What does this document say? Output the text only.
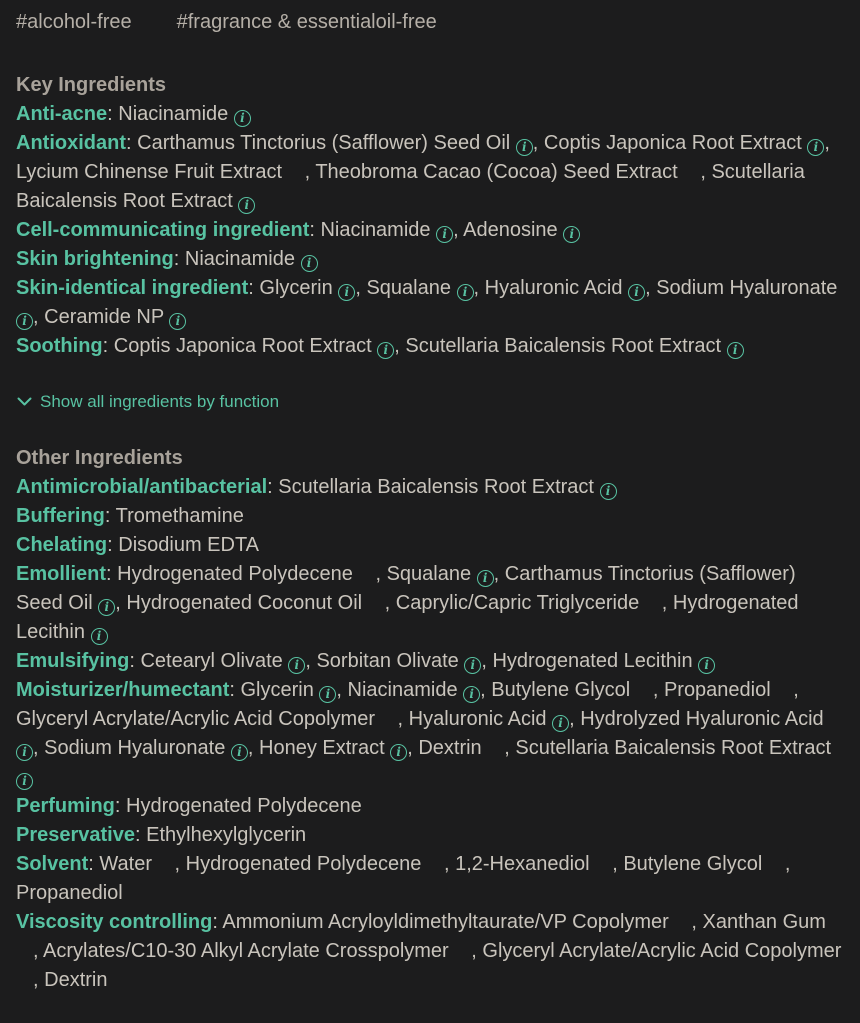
#alcohol-free #fragrance & essentialoil-free
Key Ingredients

Anti-acne: Niacinamide i

Antioxidant: Carthamus Tinctorius (Safflower) Seed Oil i , Coptis Japonica Root Extract i , Lycium Chinense Fruit Extract , Theobroma Cacao (Cocoa) Seed Extract , Scutellaria Baicalensis Root Extract i

Cell-communicating ingredient: Niacinamide i , Adenosine i

Skin brightening: Niacinamide i

Skin-identical ingredient: Glycerin i , Squalane i , Hyaluronic Acid i , Sodium Hyaluronate i , Ceramide NP i

Soothing: Coptis Japonica Root Extract i , Scutellaria Baicalensis Root Extract i

Show all ingredients by function
Other Ingredients

Antimicrobial/antibacterial: Scutellaria Baicalensis Root Extract i

Buffering: Tromethamine

Chelating: Disodium EDTA

Emollient: Hydrogenated Polydecene , Squalane i , Carthamus Tinctorius (Safflower) Seed Oil i , Hydrogenated Coconut Oil , Caprylic/Capric Triglyceride , Hydrogenated Lecithin i

Emulsifying: Cetearyl Olivate i , Sorbitan Olivate i , Hydrogenated Lecithin i

Moisturizer/humectant: Glycerin i , Niacinamide i , Butylene Glycol , Propanediol , Glyceryl Acrylate/Acrylic Acid Copolymer , Hyaluronic Acid i , Hydrolyzed Hyaluronic Acid i , Sodium Hyaluronate i , Honey Extract i , Dextrin , Scutellaria Baicalensis Root Extract i

Perfuming: Hydrogenated Polydecene

Preservative: Ethylhexylglycerin

Solvent: Water , Hydrogenated Polydecene , 1,2-Hexanediol , Butylene Glycol , Propanediol

Viscosity controlling: Ammonium Acryloyldimethyltaurate/VP Copolymer , Xanthan Gum , Acrylates/C10-30 Alkyl Acrylate Crosspolymer , Glyceryl Acrylate/Acrylic Acid Copolymer , Dextrin
